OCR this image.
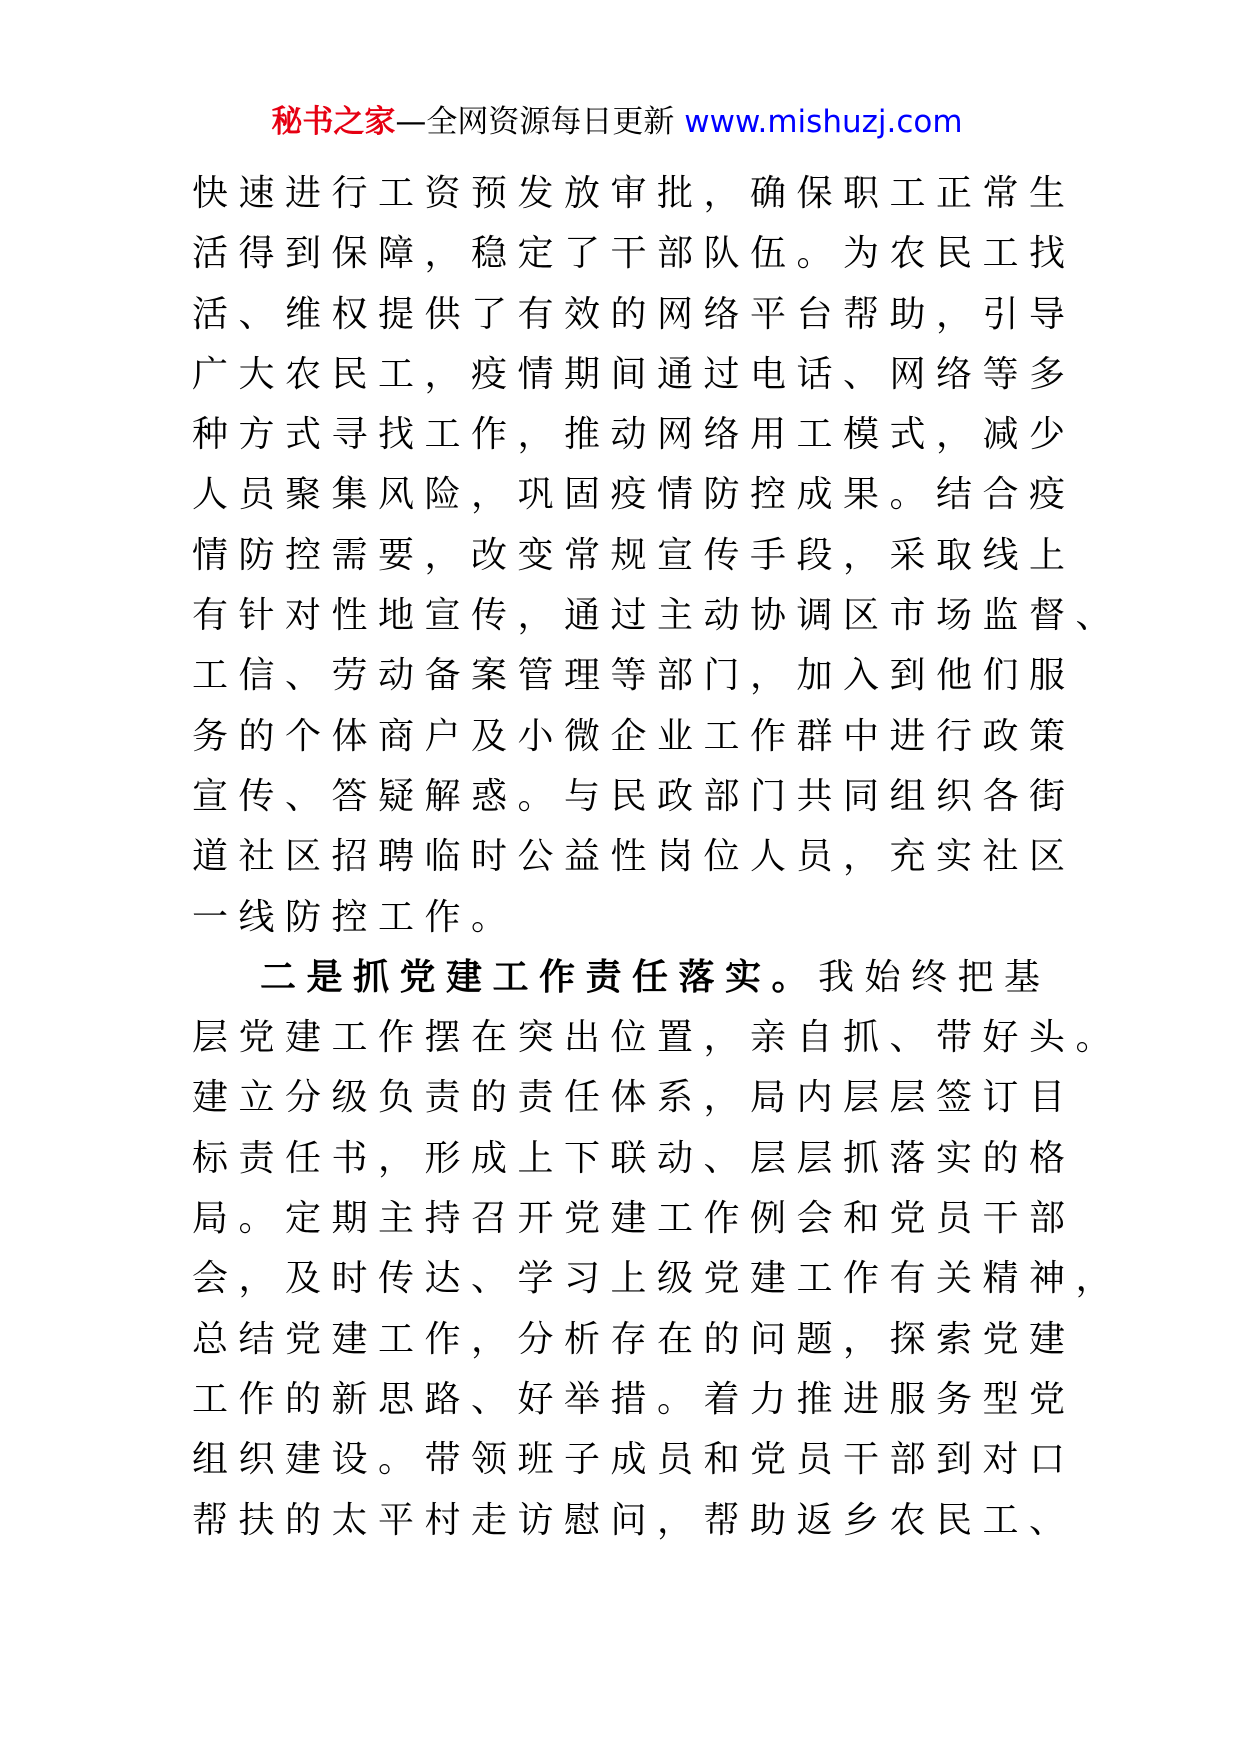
秘书之家—全网资源每日更新 www.mishuzj.com
快速进行工资预发放审批，确保职工正常生
活得到保障，稳定了干部队伍。为农民工找
活、维权提供了有效的网络平台帮助，引导
广大农民工，疫情期间通过电话、网络等多
种方式寻找工作，推动网络用工模式，减少
人员聚集风险，巩固疫情防控成果。结合疫
情防控需要，改变常规宣传手段，采取线上
有针对性地宣传，通过主动协调区市场监督、
工信、劳动备案管理等部门，加入到他们服
务的个体商户及小微企业工作群中进行政策
宣传、答疑解惑。与民政部门共同组织各街
道社区招聘临时公益性岗位人员，充实社区
一线防控工作。
二是抓党建工作责任落实。我始终把基
层党建工作摆在突出位置，亲自抓、带好头。
建立分级负责的责任体系，局内层层签订目
标责任书，形成上下联动、层层抓落实的格
局。定期主持召开党建工作例会和党员干部
会，及时传达、学习上级党建工作有关精神，
总结党建工作，分析存在的问题，探索党建
工作的新思路、好举措。着力推进服务型党
组织建设。带领班子成员和党员干部到对口
帮扶的太平村走访慰问，帮助返乡农民工、
